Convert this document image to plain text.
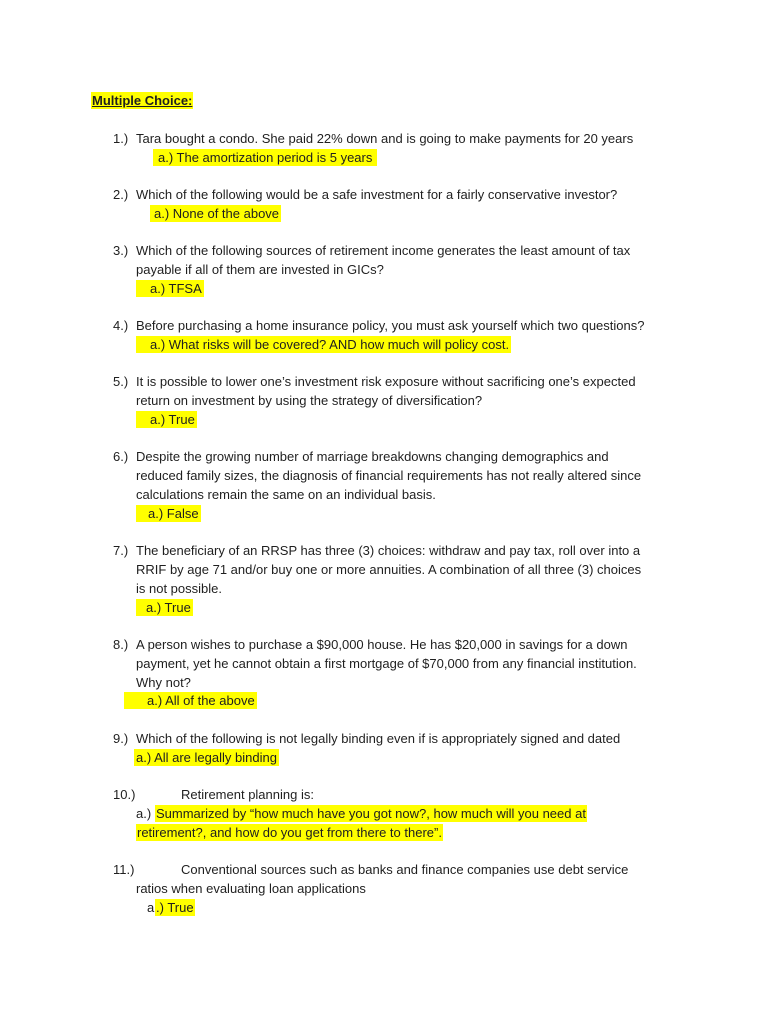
Multiple Choice:
1.) Tara bought a condo. She paid 22% down and is going to make payments for 20 years
a.) The amortization period is 5 years
2.) Which of the following would be a safe investment for a fairly conservative investor?
a.) None of the above
3.) Which of the following sources of retirement income generates the least amount of tax
payable if all of them are invested in GICs?
a.) TFSA
4.) Before purchasing a home insurance policy, you must ask yourself which two questions?
a.) What risks will be covered? AND how much will policy cost.
5.) It is possible to lower one’s investment risk exposure without sacrificing one’s expected
return on investment by using the strategy of diversification?
a.) True
6.) Despite the growing number of marriage breakdowns changing demographics and
reduced family sizes, the diagnosis of financial requirements has not really altered since
calculations remain the same on an individual basis.
a.) False
7.) The beneficiary of an RRSP has three (3) choices: withdraw and pay tax, roll over into a
RRIF by age 71 and/or buy one or more annuities. A combination of all three (3) choices
is not possible.
a.) True
8.) A person wishes to purchase a $90,000 house. He has $20,000 in savings for a down
payment, yet he cannot obtain a first mortgage of $70,000 from any financial institution.
Why not?
a.) All of the above
9.) Which of the following is not legally binding even if is appropriately signed and dated
a.) All are legally binding
10.)	Retirement planning is:
a.) Summarized by “how much have you got now?, how much will you need at
retirement?, and how do you get from there to there”.
11.)	Conventional sources such as banks and finance companies use debt service
ratios when evaluating loan applications
a .) True
